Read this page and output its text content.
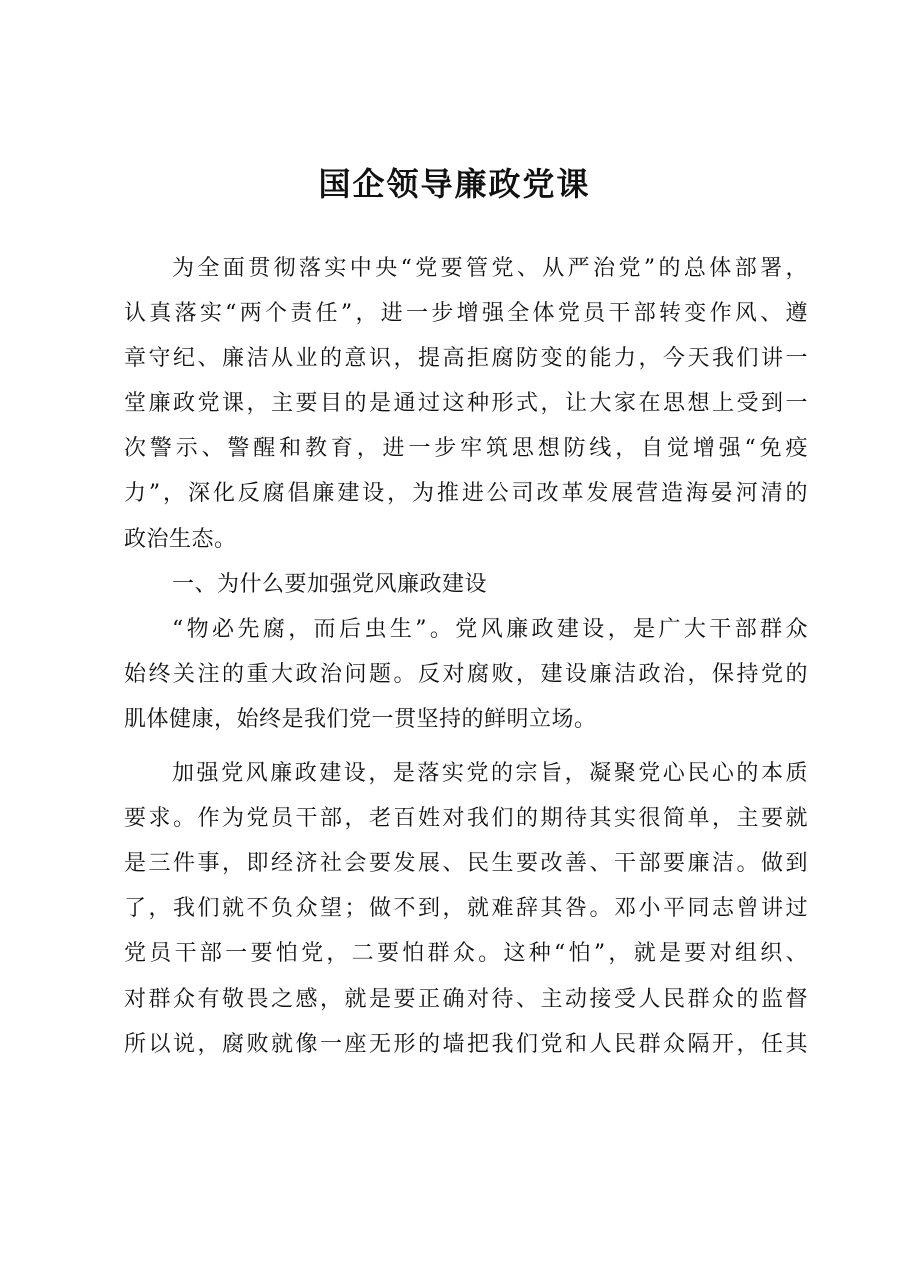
国企领导廉政党课
为全面贯彻落实中央“党要管党、从严治党”的总体部署，
认真落实“两个责任”，进一步增强全体党员干部转变作风、遵
章守纪、廉洁从业的意识，提高拒腐防变的能力，今天我们讲一
堂廉政党课，主要目的是通过这种形式，让大家在思想上受到一
次警示、警醒和教育，进一步牢筑思想防线，自觉增强“免疫
力”，深化反腐倡廉建设，为推进公司改革发展营造海晏河清的
政治生态。
一、为什么要加强党风廉政建设
“物必先腐，而后虫生”。党风廉政建设，是广大干部群众
始终关注的重大政治问题。反对腐败，建设廉洁政治，保持党的
肌体健康，始终是我们党一贯坚持的鲜明立场。
加强党风廉政建设，是落实党的宗旨，凝聚党心民心的本质
要求。作为党员干部，老百姓对我们的期待其实很简单，主要就
是三件事，即经济社会要发展、民生要改善、干部要廉洁。做到
了，我们就不负众望；做不到，就难辞其咎。邓小平同志曾讲过
党员干部一要怕党，二要怕群众。这种“怕”，就是要对组织、
对群众有敬畏之感，就是要正确对待、主动接受人民群众的监督
所以说，腐败就像一座无形的墙把我们党和人民群众隔开，任其
